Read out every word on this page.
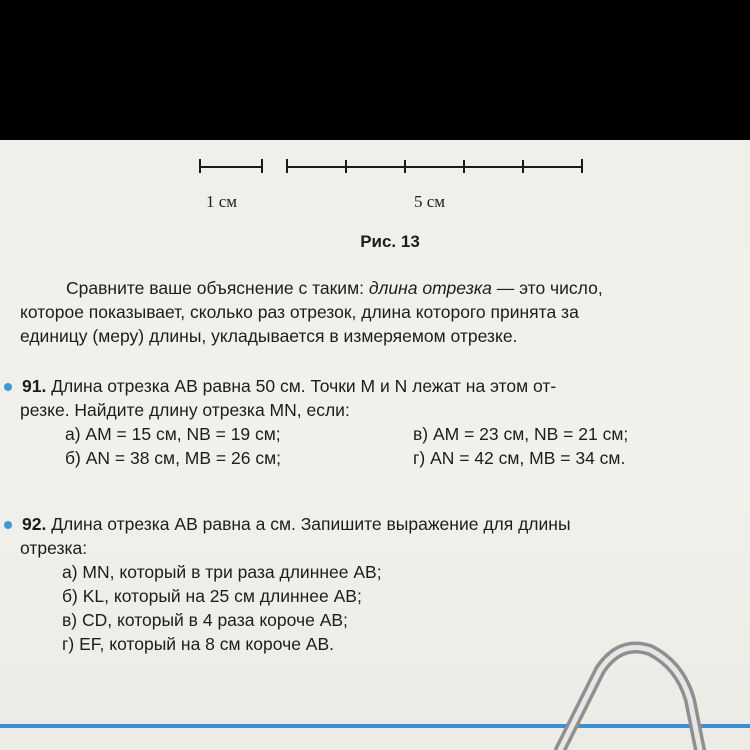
1 см	5 см
Рис. 13

Сравните ваше объяснение с таким: длина отрезка — это число,

которое показывает, сколько раз отрезок, длина которого принята за

единицу (меру) длины, укладывается в измеряемом отрезке.

91. Длина отрезка AB равна 50 см. Точки M и N лежат на этом от-

резке. Найдите длину отрезка MN, если:

а) AM = 15 см, NB = 19 см;	в) AM = 23 см, NB = 21 см;
б) AN = 38 см, MB = 26 см;	г) AN = 42 см, MB = 34 см.

92. Длина отрезка AB равна a см. Запишите выражение для длины

отрезка:

а) MN, который в три раза длиннее AB;

б) KL, который на 25 см длиннее AB;

в) CD, который в 4 раза короче AB;

г) EF, который на 8 см короче AB.
